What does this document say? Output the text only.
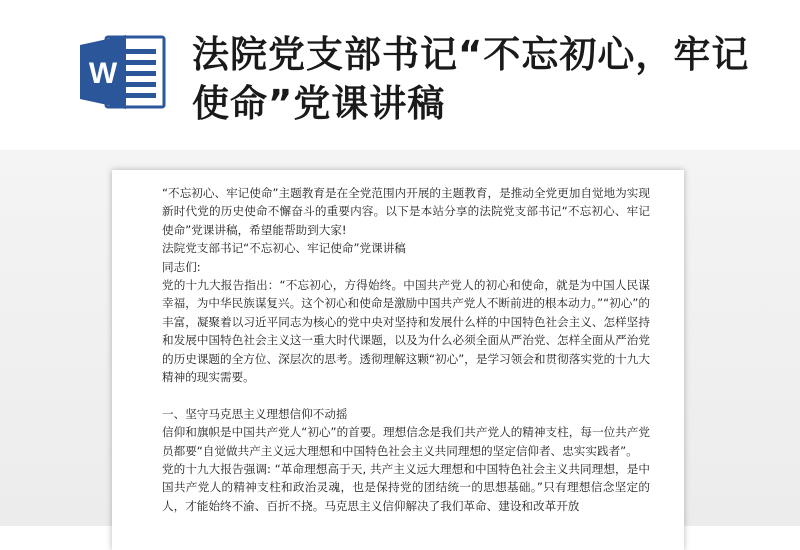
W 法院党支部书记“不忘初心，牢记使命”党课讲稿

“不忘初心、牢记使命”主题教育是在全党范围内开展的主题教育，是推动全党更加自觉地为实现新时代党的历史使命不懈奋斗的重要内容。以下是本站分享的法院党支部书记“不忘初心、牢记使命”党课讲稿，希望能帮助到大家!

法院党支部书记“不忘初心、牢记使命”党课讲稿

同志们:

党的十九大报告指出：“不忘初心，方得始终。中国共产党人的初心和使命，就是为中国人民谋幸福，为中华民族谋复兴。这个初心和使命是激励中国共产党人不断前进的根本动力。”“初心”的丰富，凝聚着以习近平同志为核心的党中央对坚持和发展什么样的中国特色社会主义、怎样坚持和发展中国特色社会主义这一重大时代课题，以及为什么必须全面从严治党、怎样全面从严治党的历史课题的全方位、深层次的思考。透彻理解这颗“初心”，是学习领会和贯彻落实党的十九大精神的现实需要。

一、坚守马克思主义理想信仰不动摇

信仰和旗帜是中国共产党人“初心”的首要。理想信念是我们共产党人的精神支柱，每一位共产党员都要“自觉做共产主义远大理想和中国特色社会主义共同理想的坚定信仰者、忠实实践者”。

党的十九大报告强调: “革命理想高于天, 共产主义远大理想和中国特色社会主义共同理想，是中国共产党人的精神支柱和政治灵魂，也是保持党的团结统一的思想基础。”只有理想信念坚定的人，才能始终不渝、百折不挠。马克思主义信仰解决了我们革命、建设和改革开放
